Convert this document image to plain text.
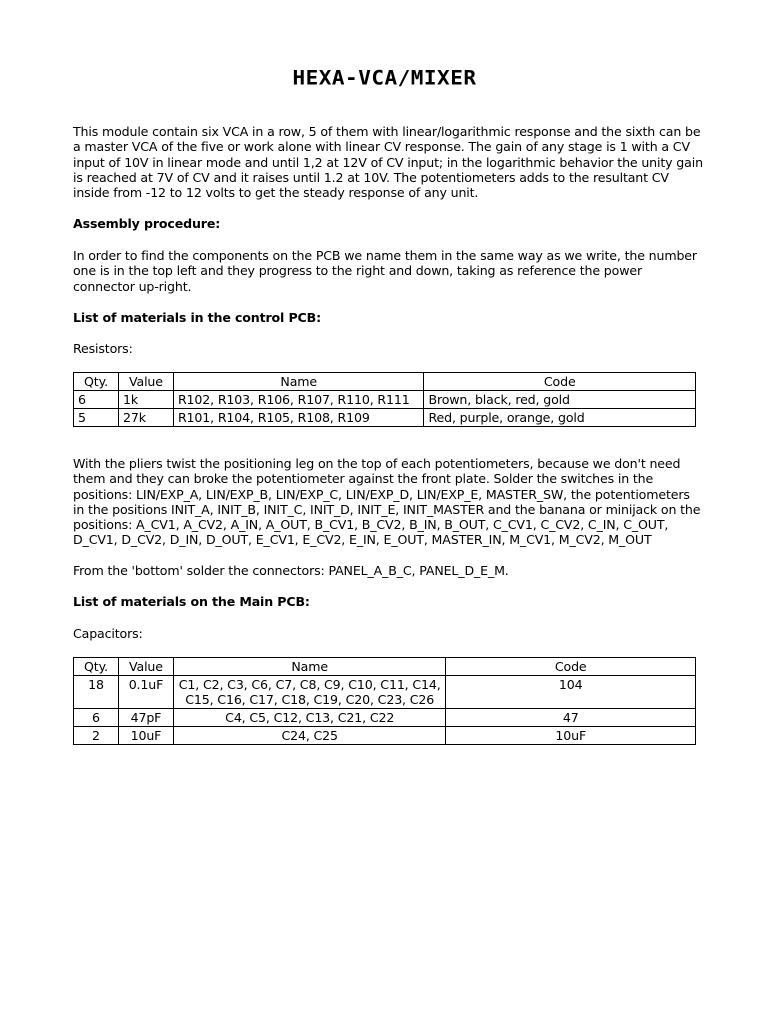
HEXA-VCA/MIXER

This module contain six VCA in a row, 5 of them with linear/logarithmic response and the sixth can be a master VCA of the five or work alone with linear CV response. The gain of any stage is 1 with a CV input of 10V in linear mode and until 1,2 at 12V of CV input; in the logarithmic behavior the unity gain is reached at 7V of CV and it raises until 1.2 at 10V. The potentiometers adds to the resultant CV inside from -12 to 12 volts to get the steady response of any unit.

Assembly procedure:

In order to find the components on the PCB we name them in the same way as we write, the number one is in the top left and they progress to the right and down, taking as reference the power connector up-right.

List of materials in the control PCB:

Resistors:

Qty.	Value	Name	Code
6	1k	R102, R103, R106, R107, R110, R111	Brown, black, red, gold
5	27k	R101, R104, R105, R108, R109	Red, purple, orange, gold

With the pliers twist the positioning leg on the top of each potentiometers, because we don't need them and they can broke the potentiometer against the front plate. Solder the switches in the positions: LIN/EXP_A, LIN/EXP_B, LIN/EXP_C, LIN/EXP_D, LIN/EXP_E, MASTER_SW, the potentiometers in the positions INIT_A, INIT_B, INIT_C, INIT_D, INIT_E, INIT_MASTER and the banana or minijack on the positions: A_CV1, A_CV2, A_IN, A_OUT, B_CV1, B_CV2, B_IN, B_OUT, C_CV1, C_CV2, C_IN, C_OUT, D_CV1, D_CV2, D_IN, D_OUT, E_CV1, E_CV2, E_IN, E_OUT, MASTER_IN, M_CV1, M_CV2, M_OUT

From the 'bottom' solder the connectors: PANEL_A_B_C, PANEL_D_E_M.

List of materials on the Main PCB:

Capacitors:

Qty.	Value	Name	Code
18	0.1uF	C1, C2, C3, C6, C7, C8, C9, C10, C11, C14, C15, C16, C17, C18, C19, C20, C23, C26	104
6	47pF	C4, C5, C12, C13, C21, C22	47
2	10uF	C24, C25	10uF
